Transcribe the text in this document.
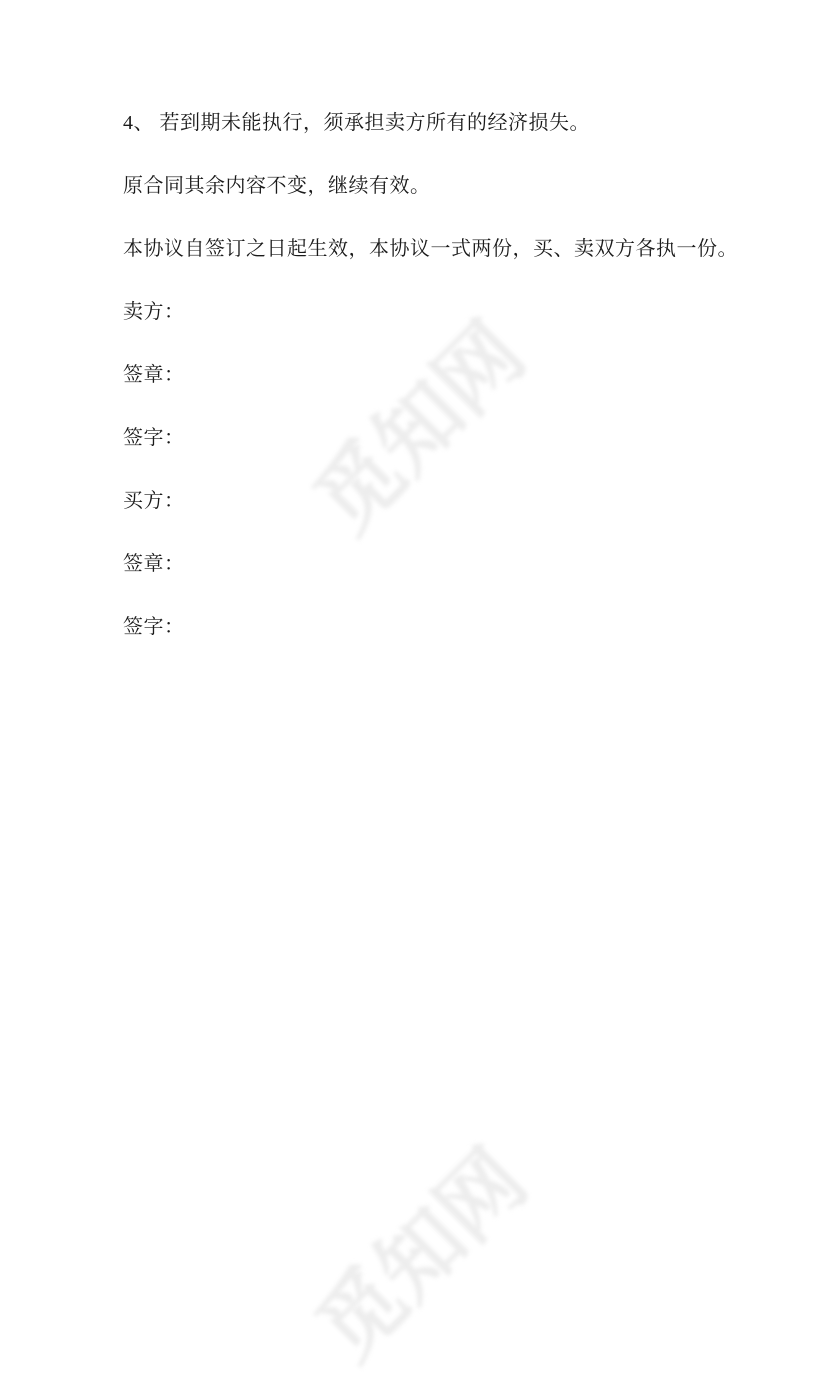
觅知网
觅知网

4、 若到期未能执行，须承担卖方所有的经济损失。

原合同其余内容不变，继续有效。

本协议自签订之日起生效，本协议一式两份，买、卖双方各执一份。

卖方：

签章：

签字：

买方：

签章：

签字：
